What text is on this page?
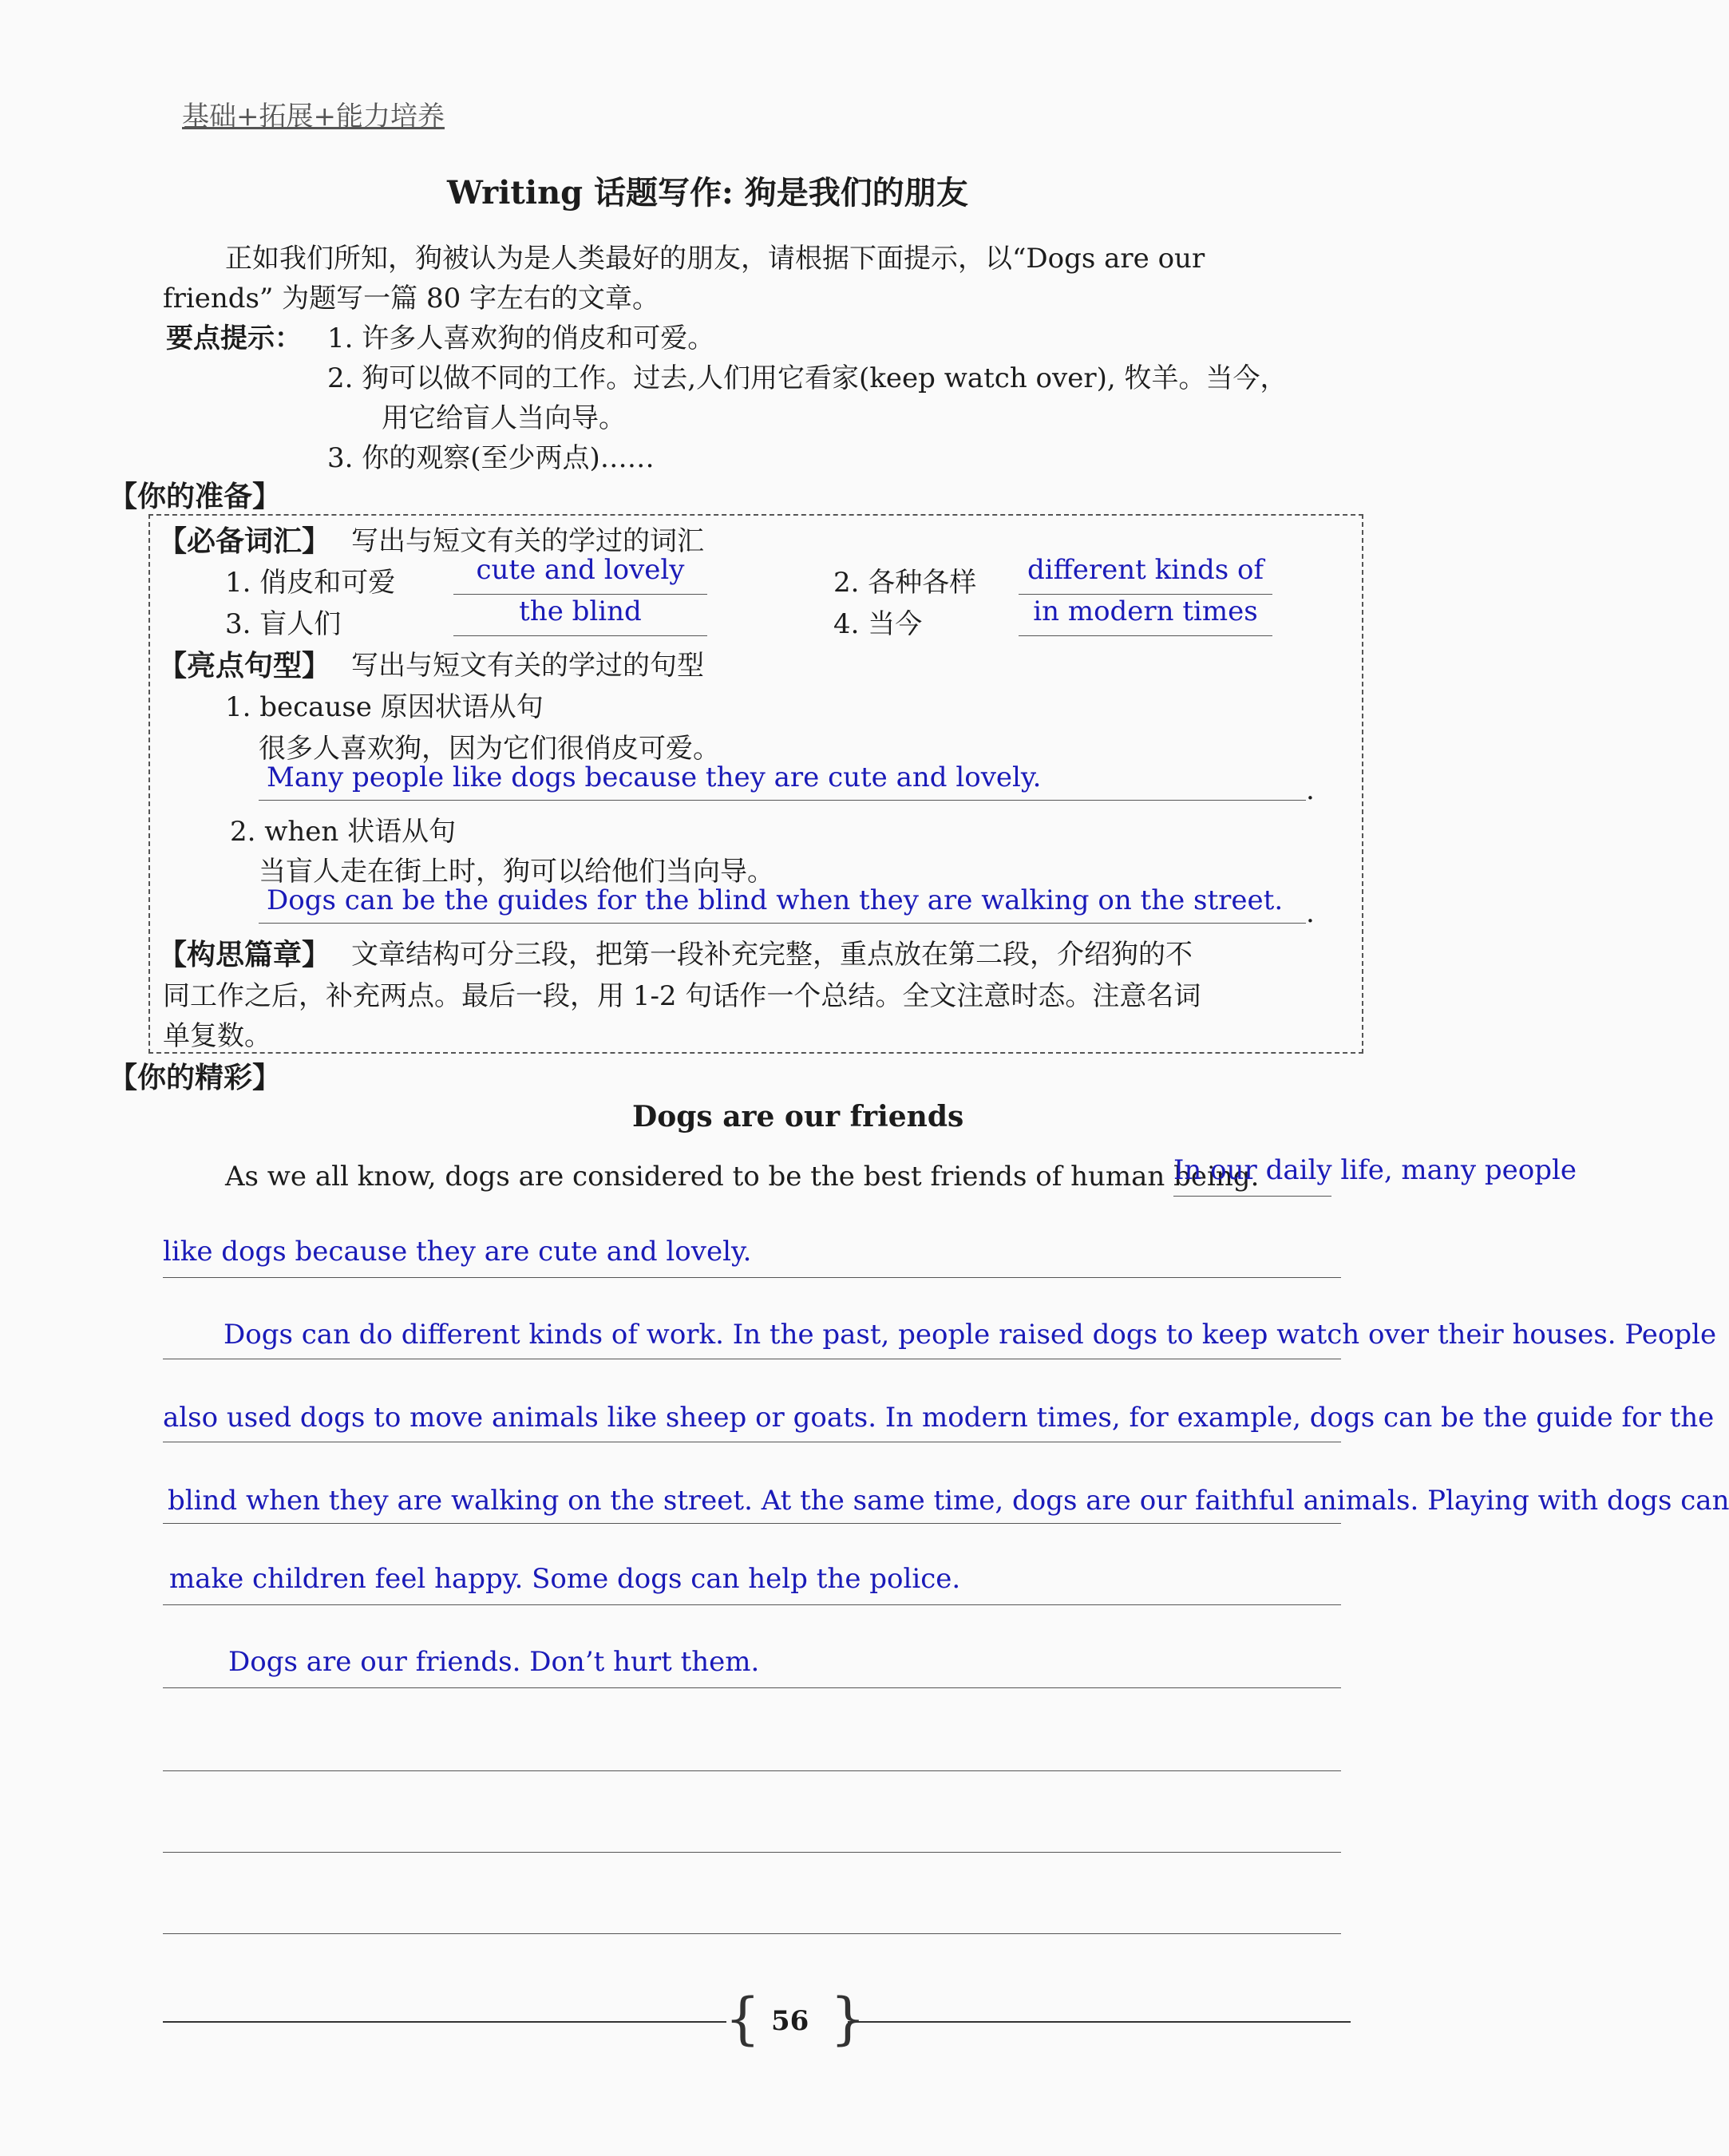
基础+拓展+能力培养
Writing 话题写作: 狗是我们的朋友
正如我们所知，狗被认为是人类最好的朋友，请根据下面提示，以“Dogs are our
friends” 为题写一篇 80 字左右的文章。
要点提示： 1. 许多人喜欢狗的俏皮和可爱。
2. 狗可以做不同的工作。过去,人们用它看家(keep watch over), 牧羊。当今，
用它给盲人当向导。
3. 你的观察(至少两点)……
【你的准备】
【必备词汇】 写出与短文有关的学过的词汇
1. 俏皮和可爱	cute and lovely	2. 各种各样	different kinds of
3. 盲人们	the blind	4. 当今	in modern times
【亮点句型】 写出与短文有关的学过的句型
1. because 原因状语从句
很多人喜欢狗，因为它们很俏皮可爱。
Many people like dogs because they are cute and lovely.	.
2. when 状语从句
当盲人走在街上时，狗可以给他们当向导。
Dogs can be the guides for the blind when they are walking on the street. .
【构思篇章】 文章结构可分三段，把第一段补充完整，重点放在第二段，介绍狗的不
同工作之后，补充两点。最后一段，用 1-2 句话作一个总结。全文注意时态。注意名词
单复数。
【你的精彩】
Dogs are our friends
As we all know, dogs are considered to be the best friends of human being.
In our daily life, many people
like dogs because they are cute and lovely.
Dogs can do different kinds of work. In the past, people raised dogs to keep watch over their houses. People
also used dogs to move animals like sheep or goats. In modern times, for example, dogs can be the guide for the
blind when they are walking on the street. At the same time, dogs are our faithful animals. Playing with dogs can
make children feel happy. Some dogs can help the police.
Dogs are our friends. Don’t hurt them.
{ }
56
